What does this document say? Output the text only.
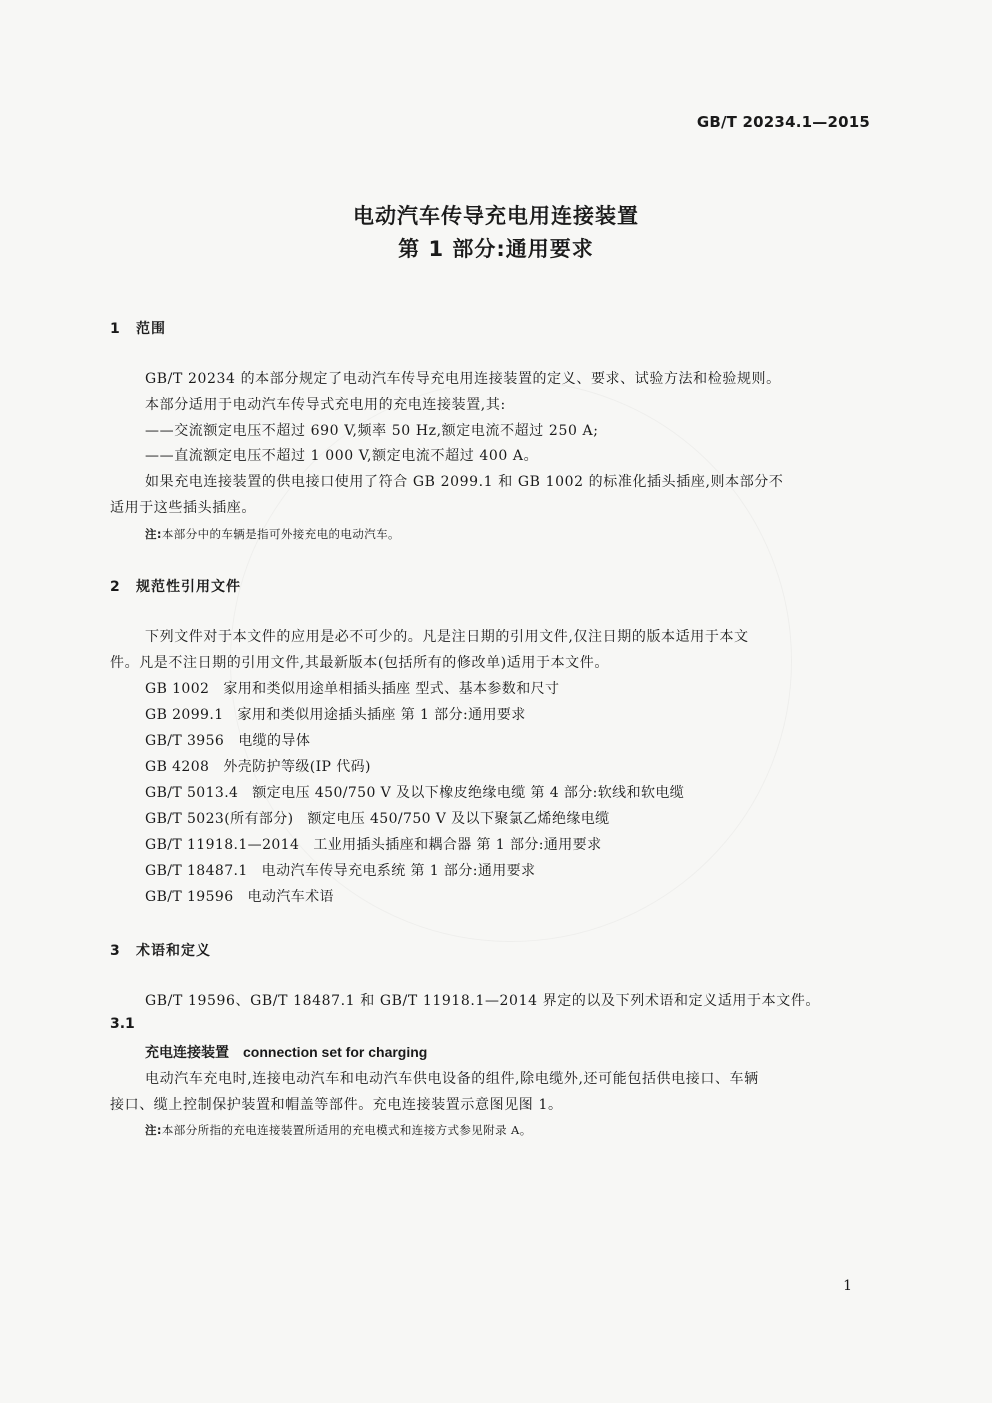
GB/T 20234.1—2015
电动汽车传导充电用连接装置
第 1 部分:通用要求
1 范围
GB/T 20234 的本部分规定了电动汽车传导充电用连接装置的定义、要求、试验方法和检验规则。
本部分适用于电动汽车传导式充电用的充电连接装置,其:
——交流额定电压不超过 690 V,频率 50 Hz,额定电流不超过 250 A;
——直流额定电压不超过 1 000 V,额定电流不超过 400 A。
如果充电连接装置的供电接口使用了符合 GB 2099.1 和 GB 1002 的标准化插头插座,则本部分不
适用于这些插头插座。
注:本部分中的车辆是指可外接充电的电动汽车。
2 规范性引用文件
下列文件对于本文件的应用是必不可少的。凡是注日期的引用文件,仅注日期的版本适用于本文
件。凡是不注日期的引用文件,其最新版本(包括所有的修改单)适用于本文件。
GB 1002 家用和类似用途单相插头插座 型式、基本参数和尺寸
GB 2099.1 家用和类似用途插头插座 第 1 部分:通用要求
GB/T 3956 电缆的导体
GB 4208 外壳防护等级(IP 代码)
GB/T 5013.4 额定电压 450/750 V 及以下橡皮绝缘电缆 第 4 部分:软线和软电缆
GB/T 5023(所有部分) 额定电压 450/750 V 及以下聚氯乙烯绝缘电缆
GB/T 11918.1—2014 工业用插头插座和耦合器 第 1 部分:通用要求
GB/T 18487.1 电动汽车传导充电系统 第 1 部分:通用要求
GB/T 19596 电动汽车术语
3 术语和定义
GB/T 19596、GB/T 18487.1 和 GB/T 11918.1—2014 界定的以及下列术语和定义适用于本文件。
3.1
充电连接装置 connection set for charging
电动汽车充电时,连接电动汽车和电动汽车供电设备的组件,除电缆外,还可能包括供电接口、车辆
接口、缆上控制保护装置和帽盖等部件。充电连接装置示意图见图 1。
注:本部分所指的充电连接装置所适用的充电模式和连接方式参见附录 A。
1
